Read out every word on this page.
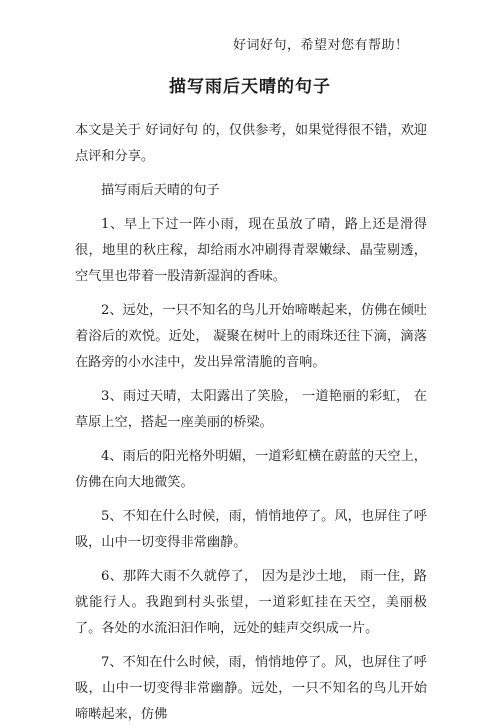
好词好句，希望对您有帮助！
描写雨后天晴的句子

本文是关于 好词好句 的，仅供参考，如果觉得很不错，欢迎点评和分享。

描写雨后天晴的句子

1、早上下过一阵小雨，现在虽放了晴，路上还是滑得很，地里的秋庄稼，却给雨水冲刷得青翠嫩绿、晶莹剔透，空气里也带着一股清新湿润的香味。

2、远处，一只不知名的鸟儿开始啼啭起来，仿佛在倾吐着浴后的欢悦。近处， 凝聚在树叶上的雨珠还往下滴，滴落在路旁的小水洼中，发出异常清脆的音响。

3、雨过天晴，太阳露出了笑脸， 一道艳丽的彩虹， 在草原上空，搭起一座美丽的桥梁。

4、雨后的阳光格外明媚，一道彩虹横在蔚蓝的天空上，仿佛在向大地微笑。

5、不知在什么时候，雨，悄悄地停了。风，也屏住了呼吸，山中一切变得非常幽静。

6、那阵大雨不久就停了， 因为是沙土地， 雨一住，路就能行人。我跑到村头张望，一道彩虹挂在天空，美丽极了。各处的水流汩汩作响，远处的蛙声交织成一片。

7、不知在什么时候，雨，悄悄地停了。风，也屏住了呼吸，山中一切变得非常幽静。远处，一只不知名的鸟儿开始啼啭起来，仿佛
